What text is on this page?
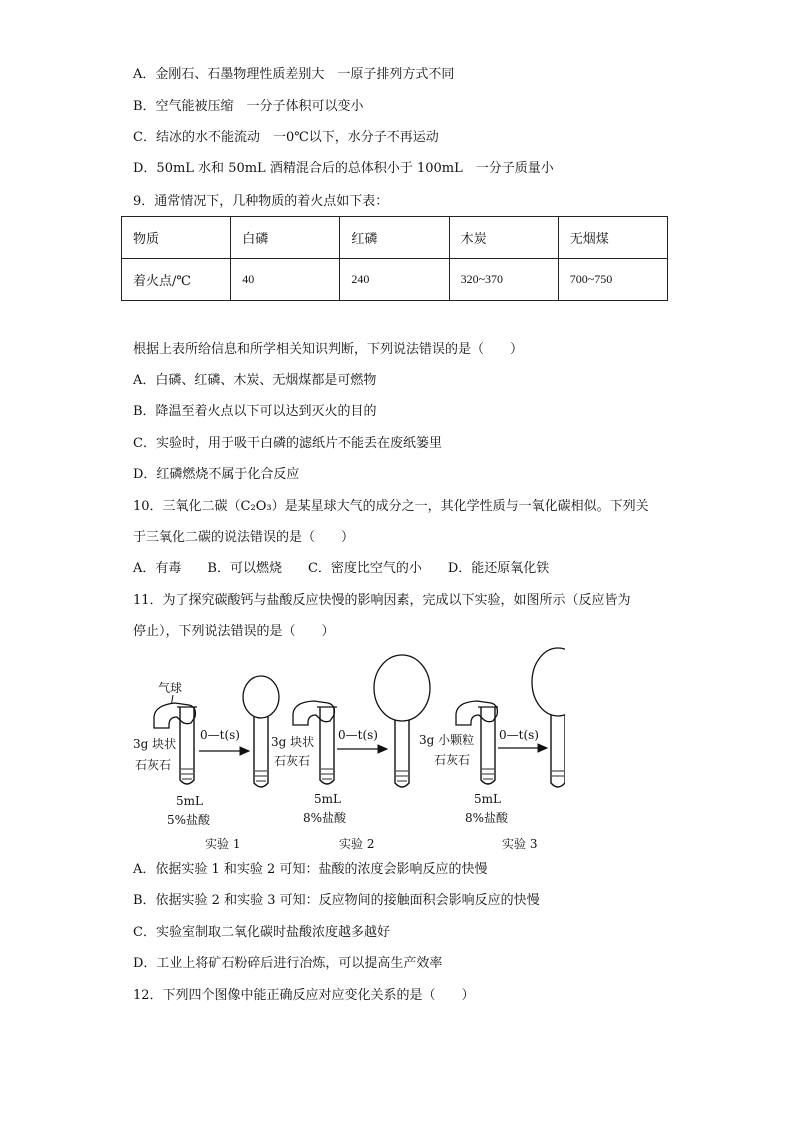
A．金刚石、石墨物理性质差别大　一原子排列方式不同
B．空气能被压缩　一分子体积可以变小
C．结冰的水不能流动　一0℃以下，水分子不再运动
D．50mL 水和 50mL 酒精混合后的总体积小于 100mL　一分子质量小
9．通常情况下，几种物质的着火点如下表：
物质	白磷	红磷	木炭	无烟煤
着火点/℃	40	240	320~370	700~750
根据上表所给信息和所学相关知识判断，下列说法错误的是（　　）
A．白磷、红磷、木炭、无烟煤都是可燃物
B．降温至着火点以下可以达到灭火的目的
C．实验时，用于吸干白磷的滤纸片不能丢在废纸篓里
D．红磷燃烧不属于化合反应
10．三氧化二碳（C₂O₃）是某星球大气的成分之一，其化学性质与一氧化碳相似。下列关
于三氧化二碳的说法错误的是（　　）
A．有毒　　B．可以燃烧　　C．密度比空气的小　　D．能还原氧化铁
11．为了探究碳酸钙与盐酸反应快慢的影响因素，完成以下实验，如图所示（反应皆为
停止），下列说法错误的是（　　）
气球
3g 块状
石灰石
0—t(s)
5mL
5%盐酸
实验 1
3g 块状
石灰石
0—t(s)
5mL
8%盐酸
实验 2
3g 小颗粒
石灰石
0—t(s)
5mL
8%盐酸
实验 3
A．依据实验 1 和实验 2 可知：盐酸的浓度会影响反应的快慢
B．依据实验 2 和实验 3 可知：反应物间的接触面积会影响反应的快慢
C．实验室制取二氧化碳时盐酸浓度越多越好
D．工业上将矿石粉碎后进行冶炼，可以提高生产效率
12．下列四个图像中能正确反应对应变化关系的是（　　）
